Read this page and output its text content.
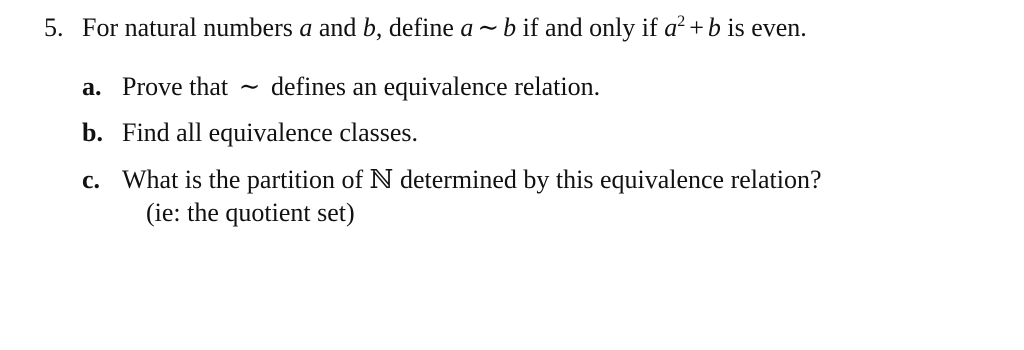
5. For natural numbers a and b, define a ∼ b if and only if $a^2 + b$ is even.
a. Prove that ∼ defines an equivalence relation.
b. Find all equivalence classes.
c. What is the partition of ℕ determined by this equivalence relation?
(ie: the quotient set)
